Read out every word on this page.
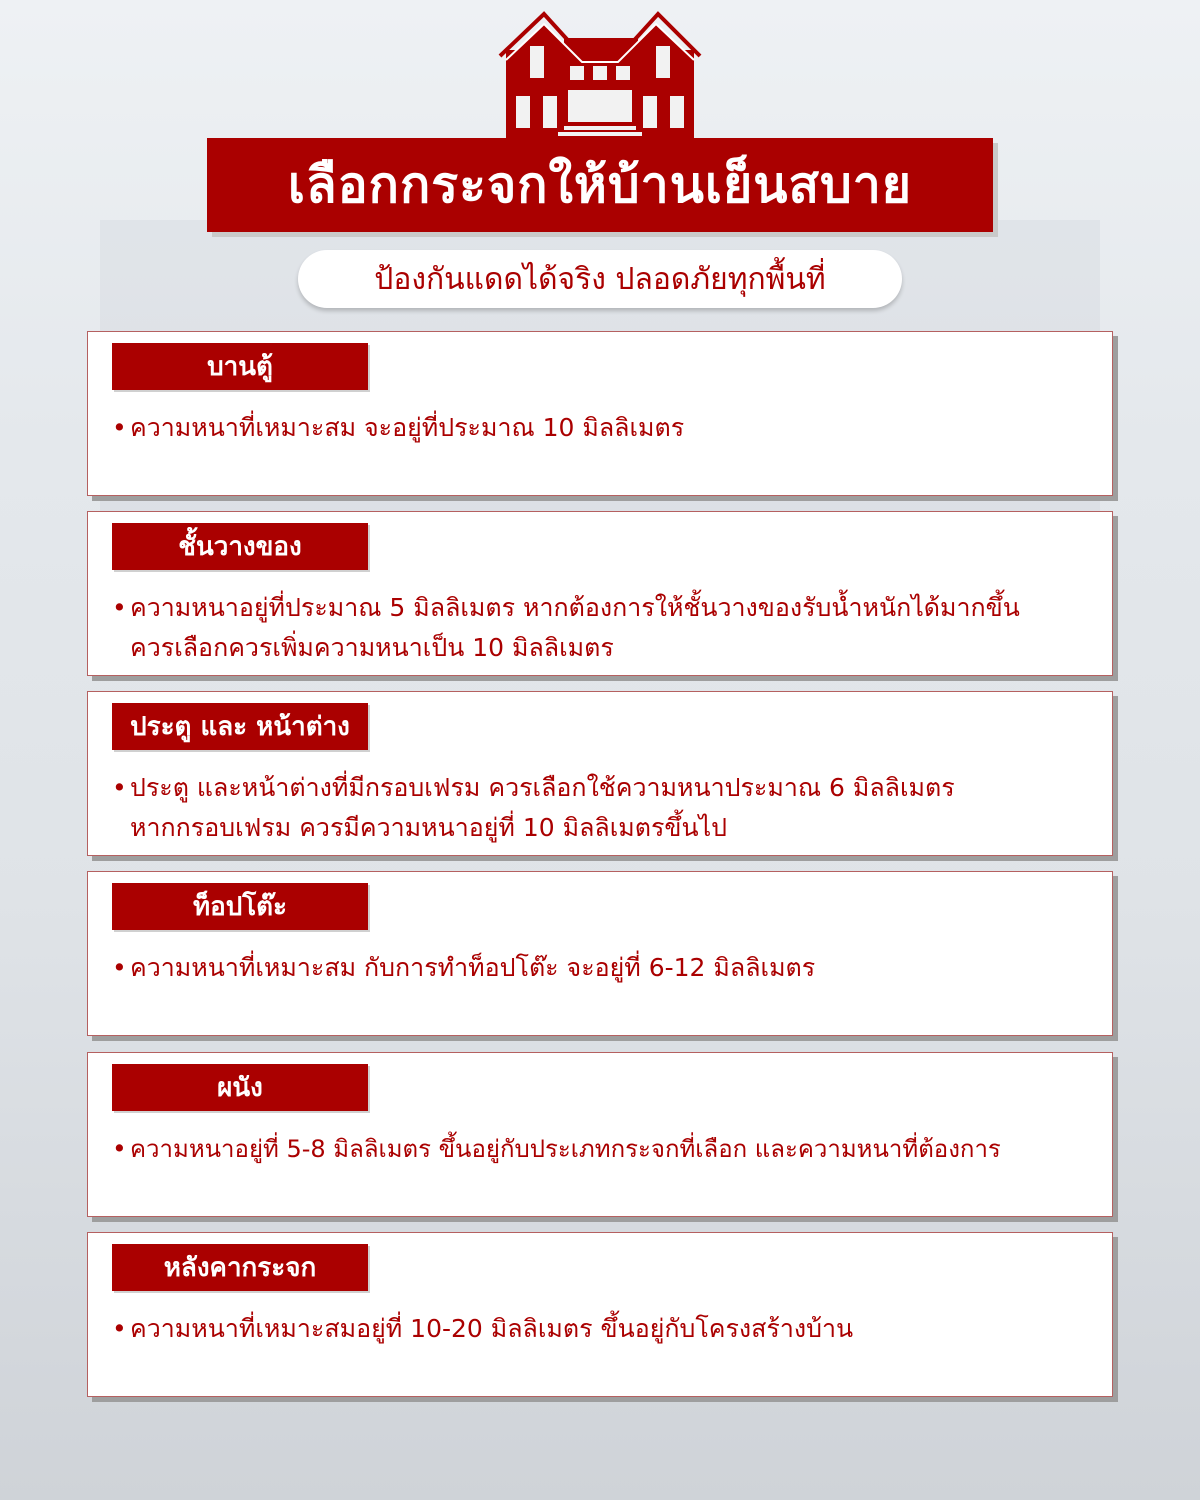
เลือกกระจกให้บ้านเย็นสบาย
ป้องกันแดดได้จริง ปลอดภัยทุกพื้นที่
บานตู้
• ความหนาที่เหมาะสม จะอยู่ที่ประมาณ 10 มิลลิเมตร
ชั้นวางของ
• ความหนาอยู่ที่ประมาณ 5 มิลลิเมตร หากต้องการให้ชั้นวางของรับน้ำหนักได้มากขึ้น
ควรเลือกควรเพิ่มความหนาเป็น 10 มิลลิเมตร
ประตู และ หน้าต่าง
• ประตู และหน้าต่างที่มีกรอบเฟรม ควรเลือกใช้ความหนาประมาณ 6 มิลลิเมตร
หากกรอบเฟรม ควรมีความหนาอยู่ที่ 10 มิลลิเมตรขึ้นไป
ท็อปโต๊ะ
• ความหนาที่เหมาะสม กับการทำท็อปโต๊ะ จะอยู่ที่ 6-12 มิลลิเมตร
ผนัง
• ความหนาอยู่ที่ 5-8 มิลลิเมตร ขึ้นอยู่กับประเภทกระจกที่เลือก และความหนาที่ต้องการ
หลังคากระจก
• ความหนาที่เหมาะสมอยู่ที่ 10-20 มิลลิเมตร ขึ้นอยู่กับโครงสร้างบ้าน
